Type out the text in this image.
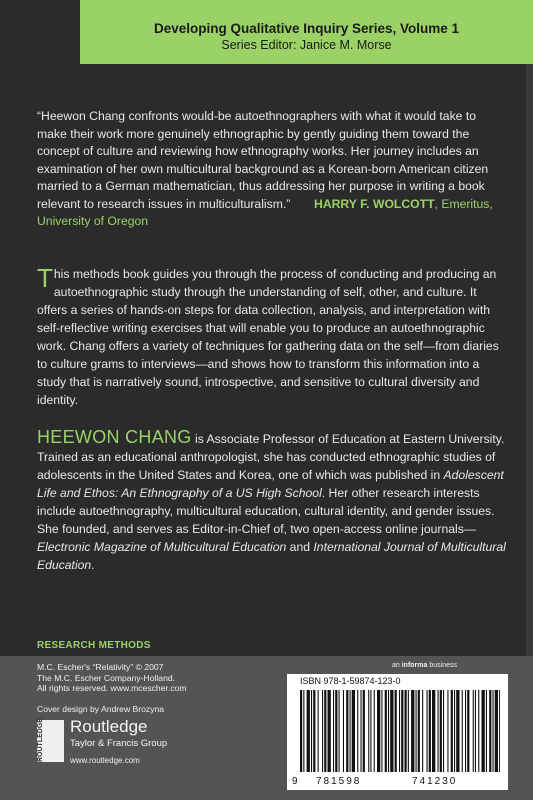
Developing Qualitative Inquiry Series, Volume 1
Series Editor: Janice M. Morse
“Heewon Chang confronts would-be autoethnographers with what it would take to make their work more genuinely ethnographic by gently guiding them toward the concept of culture and reviewing how ethnography works. Her journey includes an examination of her own multicultural background as a Korean-born American citizen married to a German mathematician, thus addressing her purpose in writing a book relevant to research issues in multiculturalism.” HARRY F. WOLCOTT, Emeritus, University of Oregon
This methods book guides you through the process of conducting and producing an autoethnographic study through the understanding of self, other, and culture. It offers a series of hands-on steps for data collection, analysis, and interpretation with self-reflective writing exercises that will enable you to produce an autoethnographic work. Chang offers a variety of techniques for gathering data on the self—from diaries to culture grams to interviews—and shows how to transform this information into a study that is narratively sound, introspective, and sensitive to cultural diversity and identity.
HEEWON CHANG is Associate Professor of Education at Eastern University. Trained as an educational anthropologist, she has conducted ethnographic studies of adolescents in the United States and Korea, one of which was published in Adolescent Life and Ethos: An Ethnography of a US High School. Her other research interests include autoethnography, multicultural education, cultural identity, and gender issues. She founded, and serves as Editor-in-Chief of, two open-access online journals—Electronic Magazine of Multicultural Education and International Journal of Multicultural Education.
RESEARCH METHODS
M.C. Escher's “Relativity” © 2007
The M.C. Escher Company-Holland.
All rights reserved. www.mcescher.com
Cover design by Andrew Brozyna
ROUTLEDGE	Routledge
Taylor & Francis Group
www.routledge.com
an informa business
ISBN 978-1-59874-123-0
9 781598	741230
